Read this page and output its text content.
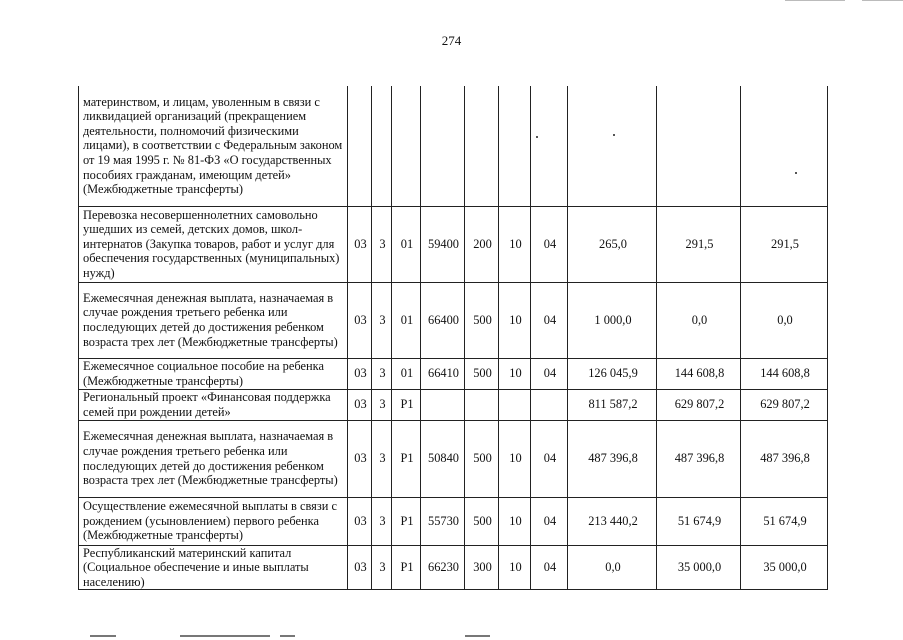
274
материнством, и лицам, уволенным в связи с ликвидацией организаций (прекращением деятельности, полномочий физическими лицами), в соответствии с Федеральным законом от 19 мая 1995 г. № 81-ФЗ «О государственных пособиях гражданам, имеющим детей» (Межбюджетные трансферты)										
Перевозка несовершеннолетних самовольно ушедших из семей, детских домов, школ-интернатов (Закупка товаров, работ и услуг для обеспечения государственных (муниципальных) нужд)	03	3	01	59400	200	10	04	265,0	291,5	291,5
Ежемесячная денежная выплата, назначаемая в случае рождения третьего ребенка или последующих детей до достижения ребенком возраста трех лет (Межбюджетные трансферты)	03	3	01	66400	500	10	04	1 000,0	0,0	0,0
Ежемесячное социальное пособие на ребенка (Межбюджетные трансферты)	03	3	01	66410	500	10	04	126 045,9	144 608,8	144 608,8
Региональный проект «Финансовая поддержка семей при рождении детей»	03	3	P1					811 587,2	629 807,2	629 807,2
Ежемесячная денежная выплата, назначаемая в случае рождения третьего ребенка или последующих детей до достижения ребенком возраста трех лет (Межбюджетные трансферты)	03	3	P1	50840	500	10	04	487 396,8	487 396,8	487 396,8
Осуществление ежемесячной выплаты в связи с рождением (усыновлением) первого ребенка (Межбюджетные трансферты)	03	3	P1	55730	500	10	04	213 440,2	51 674,9	51 674,9
Республиканский материнский капитал (Социальное обеспечение и иные выплаты населению)	03	3	P1	66230	300	10	04	0,0	35 000,0	35 000,0
